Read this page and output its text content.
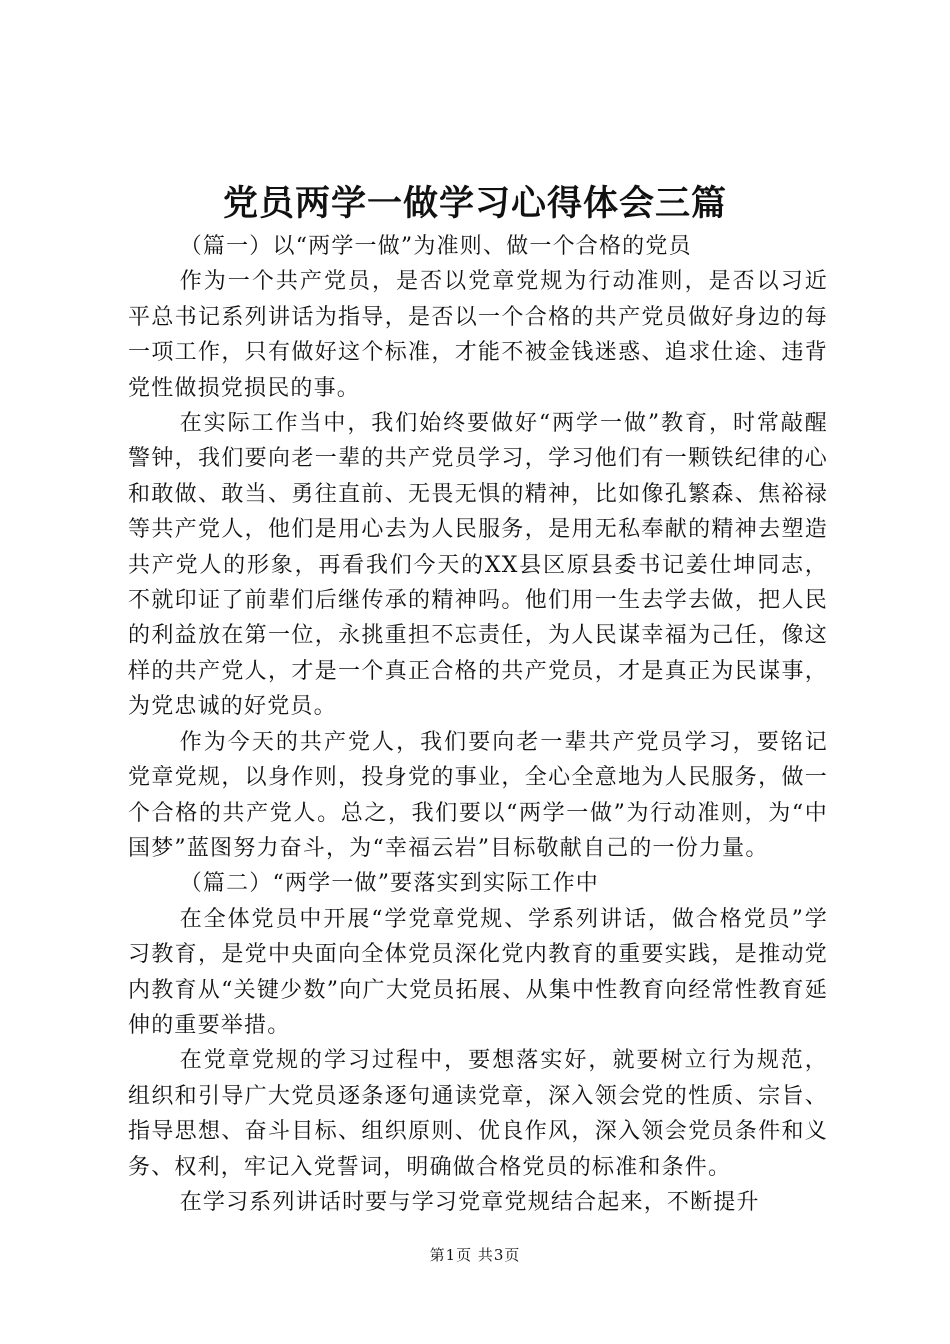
党员两学一做学习心得体会三篇

（篇一）以“两学一做”为准则、做一个合格的党员

作为一个共产党员，是否以党章党规为行动准则，是否以习近平总书记系列讲话为指导，是否以一个合格的共产党员做好身边的每一项工作，只有做好这个标准，才能不被金钱迷惑、追求仕途、违背党性做损党损民的事。

在实际工作当中，我们始终要做好“两学一做”教育，时常敲醒警钟，我们要向老一辈的共产党员学习，学习他们有一颗铁纪律的心和敢做、敢当、勇往直前、无畏无惧的精神，比如像孔繁森、焦裕禄等共产党人，他们是用心去为人民服务，是用无私奉献的精神去塑造共产党人的形象，再看我们今天的XX县区原县委书记姜仕坤同志，不就印证了前辈们后继传承的精神吗。他们用一生去学去做，把人民的利益放在第一位，永挑重担不忘责任，为人民谋幸福为己任，像这样的共产党人，才是一个真正合格的共产党员，才是真正为民谋事，为党忠诚的好党员。

作为今天的共产党人，我们要向老一辈共产党员学习，要铭记党章党规，以身作则，投身党的事业，全心全意地为人民服务，做一个合格的共产党人。总之，我们要以“两学一做”为行动准则，为“中国梦”蓝图努力奋斗，为“幸福云岩”目标敬献自己的一份力量。

（篇二）“两学一做”要落实到实际工作中

在全体党员中开展“学党章党规、学系列讲话，做合格党员”学习教育，是党中央面向全体党员深化党内教育的重要实践，是推动党内教育从“关键少数”向广大党员拓展、从集中性教育向经常性教育延伸的重要举措。

在党章党规的学习过程中，要想落实好，就要树立行为规范，组织和引导广大党员逐条逐句通读党章，深入领会党的性质、宗旨、指导思想、奋斗目标、组织原则、优良作风，深入领会党员条件和义务、权利，牢记入党誓词，明确做合格党员的标准和条件。

在学习系列讲话时要与学习党章党规结合起来，不断提升

第1页 共3页
